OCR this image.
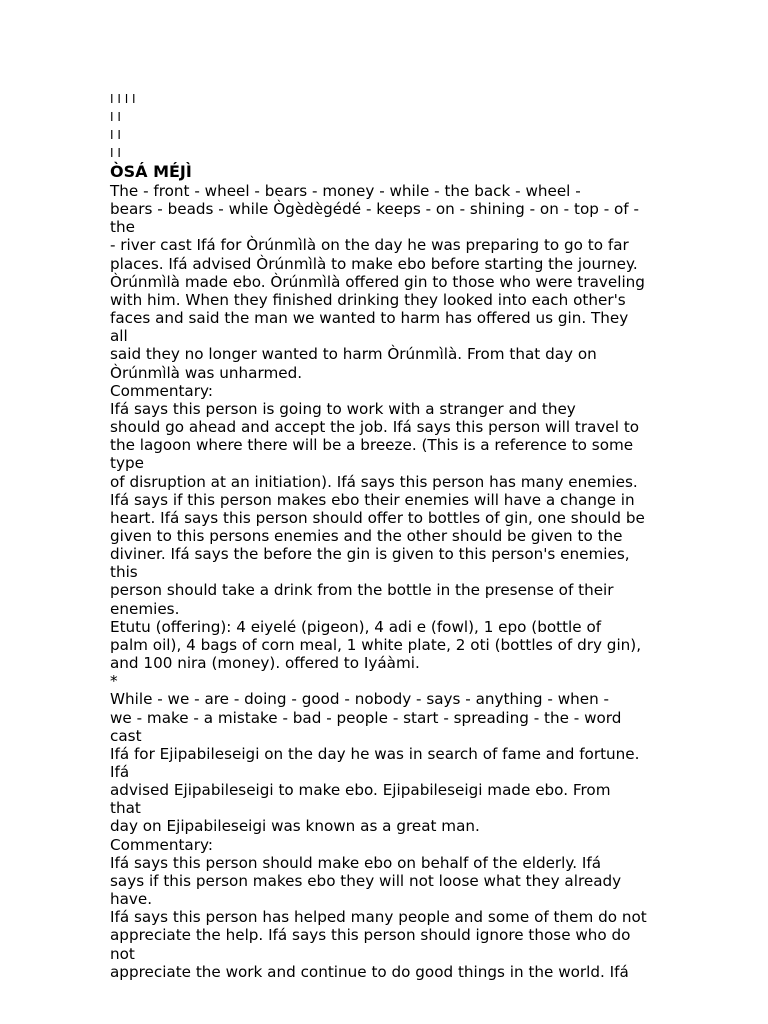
I I I I
I I
I I
I I
ÒSÁ MÉJÌ
The - front - wheel - bears - money - while - the back - wheel -
bears - beads - while Ògèdègédé - keeps - on - shining - on - top - of -
the
- river cast Ifá for Òrúnmìlà on the day he was preparing to go to far
places. Ifá advised Òrúnmìlà to make ebo before starting the journey.
Òrúnmìlà made ebo. Òrúnmìlà offered gin to those who were traveling
with him. When they finished drinking they looked into each other's
faces and said the man we wanted to harm has offered us gin. They
all
said they no longer wanted to harm Òrúnmìlà. From that day on
Òrúnmìlà was unharmed.
Commentary:
Ifá says this person is going to work with a stranger and they
should go ahead and accept the job. Ifá says this person will travel to
the lagoon where there will be a breeze. (This is a reference to some
type
of disruption at an initiation). Ifá says this person has many enemies.
Ifá says if this person makes ebo their enemies will have a change in
heart. Ifá says this person should offer to bottles of gin, one should be
given to this persons enemies and the other should be given to the
diviner. Ifá says the before the gin is given to this person's enemies,
this
person should take a drink from the bottle in the presense of their
enemies.
Etutu (offering): 4 eiyelé (pigeon), 4 adi e (fowl), 1 epo (bottle of
palm oil), 4 bags of corn meal, 1 white plate, 2 oti (bottles of dry gin),
and 100 nira (money). offered to Iyáàmi.
*
While - we - are - doing - good - nobody - says - anything - when -
we - make - a mistake - bad - people - start - spreading - the - word
cast
Ifá for Ejipabileseigi on the day he was in search of fame and fortune.
Ifá
advised Ejipabileseigi to make ebo. Ejipabileseigi made ebo. From
that
day on Ejipabileseigi was known as a great man.
Commentary:
Ifá says this person should make ebo on behalf of the elderly. Ifá
says if this person makes ebo they will not loose what they already
have.
Ifá says this person has helped many people and some of them do not
appreciate the help. Ifá says this person should ignore those who do
not
appreciate the work and continue to do good things in the world. Ifá
